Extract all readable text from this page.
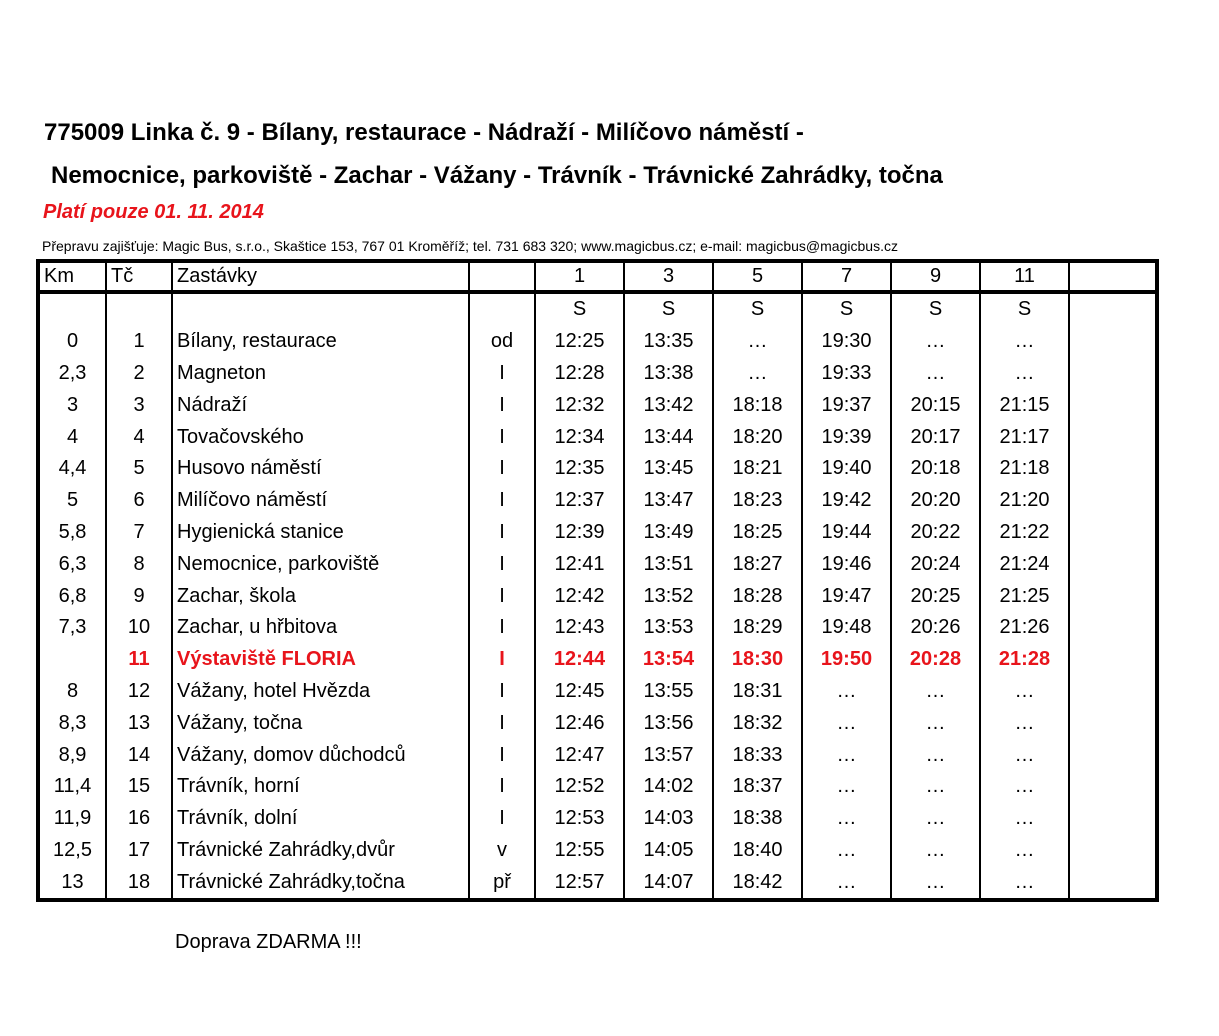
775009 Linka č. 9 - Bílany, restaurace - Nádraží - Milíčovo náměstí -
Nemocnice, parkoviště - Zachar - Vážany - Trávník - Trávnické Zahrádky, točna
Platí pouze 01. 11. 2014
Přepravu zajišťuje: Magic Bus, s.r.o., Skaštice 153, 767 01 Kroměříž; tel. 731 683 320; www.magicbus.cz; e-mail: magicbus@magicbus.cz
Km	Tč	Zastávky		1	3	5	7	9	11	
				S	S	S	S	S	S	
0	1	Bílany, restaurace	od	12:25	13:35	…	19:30	…	…	
2,3	2	Magneton	I	12:28	13:38	…	19:33	…	…	
3	3	Nádraží	I	12:32	13:42	18:18	19:37	20:15	21:15	
4	4	Tovačovského	I	12:34	13:44	18:20	19:39	20:17	21:17	
4,4	5	Husovo náměstí	I	12:35	13:45	18:21	19:40	20:18	21:18	
5	6	Milíčovo náměstí	I	12:37	13:47	18:23	19:42	20:20	21:20	
5,8	7	Hygienická stanice	I	12:39	13:49	18:25	19:44	20:22	21:22	
6,3	8	Nemocnice, parkoviště	I	12:41	13:51	18:27	19:46	20:24	21:24	
6,8	9	Zachar, škola	I	12:42	13:52	18:28	19:47	20:25	21:25	
7,3	10	Zachar, u hřbitova	I	12:43	13:53	18:29	19:48	20:26	21:26	
	11	Výstaviště FLORIA	I	12:44	13:54	18:30	19:50	20:28	21:28	
8	12	Vážany, hotel Hvězda	I	12:45	13:55	18:31	…	…	…	
8,3	13	Vážany, točna	I	12:46	13:56	18:32	…	…	…	
8,9	14	Vážany, domov důchodců	I	12:47	13:57	18:33	…	…	…	
11,4	15	Trávník, horní	I	12:52	14:02	18:37	…	…	…	
11,9	16	Trávník, dolní	I	12:53	14:03	18:38	…	…	…	
12,5	17	Trávnické Zahrádky,dvůr	v	12:55	14:05	18:40	…	…	…	
13	18	Trávnické Zahrádky,točna	př	12:57	14:07	18:42	…	…	…	
Doprava ZDARMA !!!
